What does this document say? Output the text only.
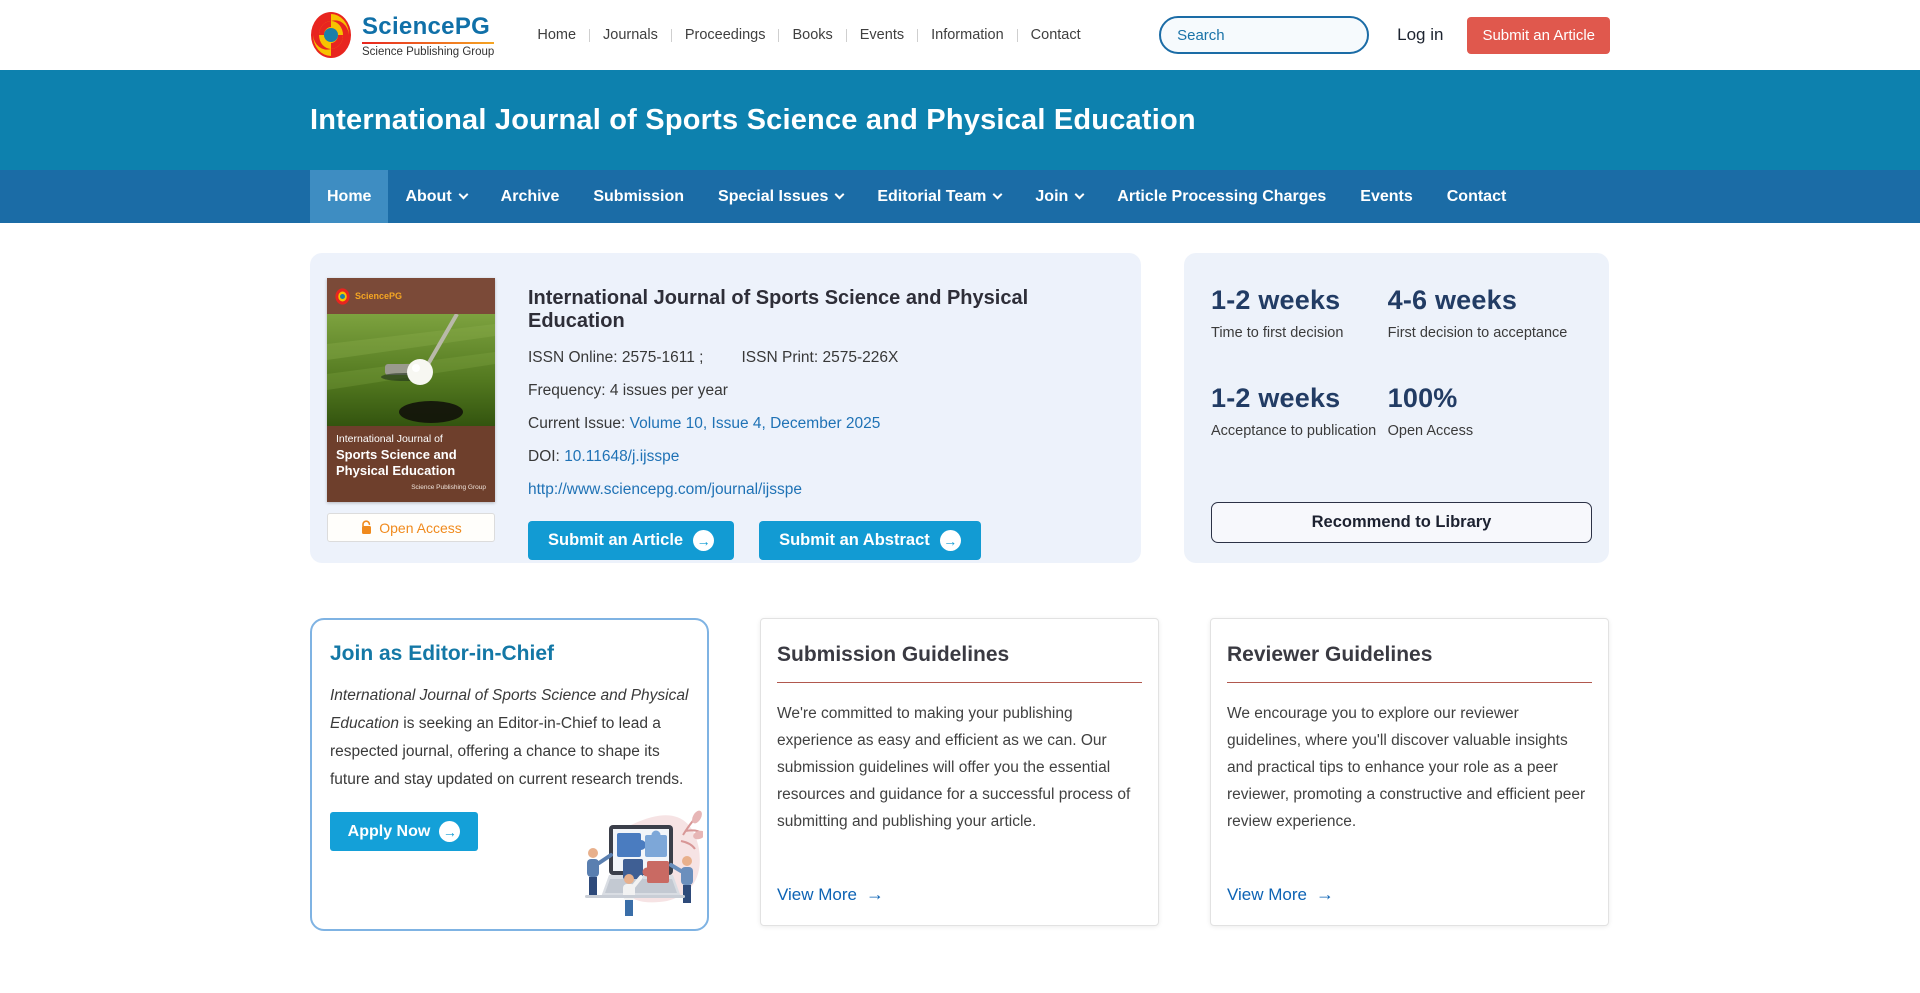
SciencePG
Science Publishing Group
Home	Journals	Proceedings	Books	Events	Information	Contact
Search	Log in	Submit an Article
International Journal of Sports Science and Physical Education
Home About	Archive Submission Special Issues	Editorial Team	Join	Article Processing Charges Events Contact
SciencePG
International Journal of
Sports Science and
Physical Education
Science Publishing Group
Open Access
International Journal of Sports Science and Physical Education

ISSN Online: 2575-1611 ; ISSN Print: 2575-226X

Frequency: 4 issues per year

Current Issue: Volume 10, Issue 4, December 2025

DOI: 10.11648/j.ijsspe

http://www.sciencepg.com/journal/ijsspe

Submit an Article →	Submit an Abstract →
1-2 weeks
Time to first decision
4-6 weeks
First decision to acceptance
1-2 weeks
Acceptance to publication
100%
Open Access
Recommend to Library
Join as Editor-in-Chief

International Journal of Sports Science and Physical Education is seeking an Editor-in-Chief to lead a respected journal, offering a chance to shape its future and stay updated on current research trends.

Apply Now →
Submission Guidelines

We're committed to making your publishing experience as easy and efficient as we can. Our submission guidelines will offer you the essential resources and guidance for a successful process of submitting and publishing your article.

View More →
Reviewer Guidelines

We encourage you to explore our reviewer guidelines, where you'll discover valuable insights and practical tips to enhance your role as a peer reviewer, promoting a constructive and efficient peer review experience.

View More →
